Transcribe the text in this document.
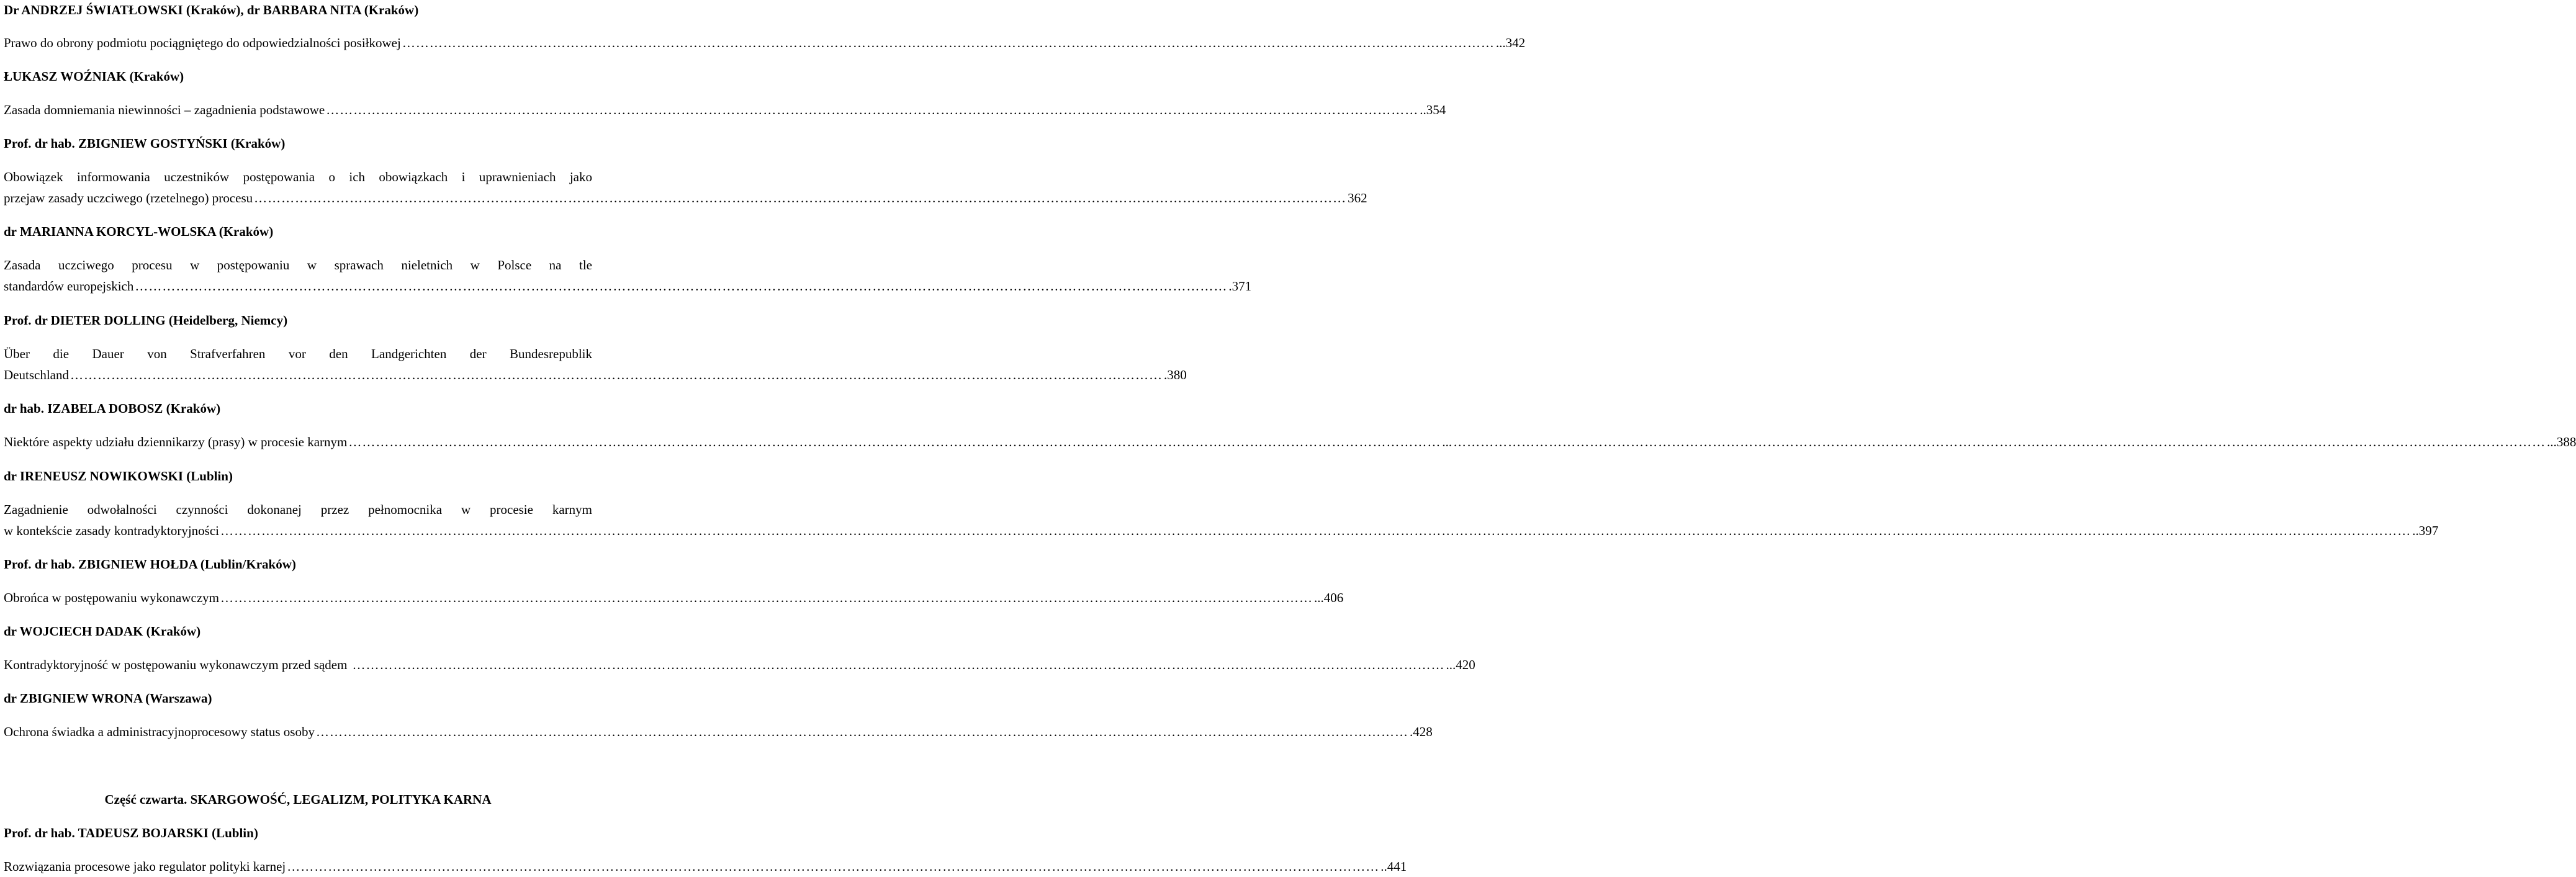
Dr ANDRZEJ ŚWIATŁOWSKI (Kraków), dr BARBARA NITA (Kraków)
Prawo do obrony podmiotu pociągniętego do odpowiedzialności posiłkowej …………………………………………………………………………………………………………………………………………………………………………………………………………………… . ..342
ŁUKASZ WOŹNIAK (Kraków)
Zasada domniemania niewinności – zagadnienia podstawowe …………………………………………………………………………………………………………………………………………………………………………………………………………………… ..354
Prof. dr hab. ZBIGNIEW GOSTYŃSKI (Kraków)
Obowiązek informowania uczestników postępowania o ich obowiązkach i uprawnieniach jako
przejaw zasady uczciwego (rzetelnego) procesu …………………………………………………………………………………………………………………………………………………………………………………………………………………… 362
dr MARIANNA KORCYL-WOLSKA (Kraków)
Zasada uczciwego procesu w postępowaniu w sprawach nieletnich w Polsce na tle
standardów europejskich …………………………………………………………………………………………………………………………………………………………………………………………………………………… .371
Prof. dr DIETER DOLLING (Heidelberg, Niemcy)
Über die Dauer von Strafverfahren vor den Landgerichten der Bundesrepublik
Deutschland …………………………………………………………………………………………………………………………………………………………………………………………………………………… .380
dr hab. IZABELA DOBOSZ (Kraków)
Niektóre aspekty udziału dziennikarzy (prasy) w procesie karnym …………………………………………………………………………………………………………………………………………………………………………………………………………………… ... …………………………………………………………………………………………………………………………………………………………………………………………………………………… ...388
dr IRENEUSZ NOWIKOWSKI (Lublin)
Zagadnienie odwołalności czynności dokonanej przez pełnomocnika w procesie karnym
w kontekście zasady kontradyktoryjności …………………………………………………………………………………………………………………………………………………………………………………………………………………… . …………………………………………………………………………………………………………………………………………………………………………………………………………………… ..397
Prof. dr hab. ZBIGNIEW HOŁDA (Lublin/Kraków)
Obrońca w postępowaniu wykonawczym …………………………………………………………………………………………………………………………………………………………………………………………………………………… ...406
dr WOJCIECH DADAK (Kraków)
Kontradyktoryjność w postępowaniu wykonawczym przed sądem …………………………………………………………………………………………………………………………………………………………………………………………………………………… ...420
dr ZBIGNIEW WRONA (Warszawa)
Ochrona świadka a administracyjnoprocesowy status osoby …………………………………………………………………………………………………………………………………………………………………………………………………………………… .428
Część czwarta. SKARGOWOŚĆ, LEGALIZM, POLITYKA KARNA
Prof. dr hab. TADEUSZ BOJARSKI (Lublin)
Rozwiązania procesowe jako regulator polityki karnej …………………………………………………………………………………………………………………………………………………………………………………………………………………… ..441
